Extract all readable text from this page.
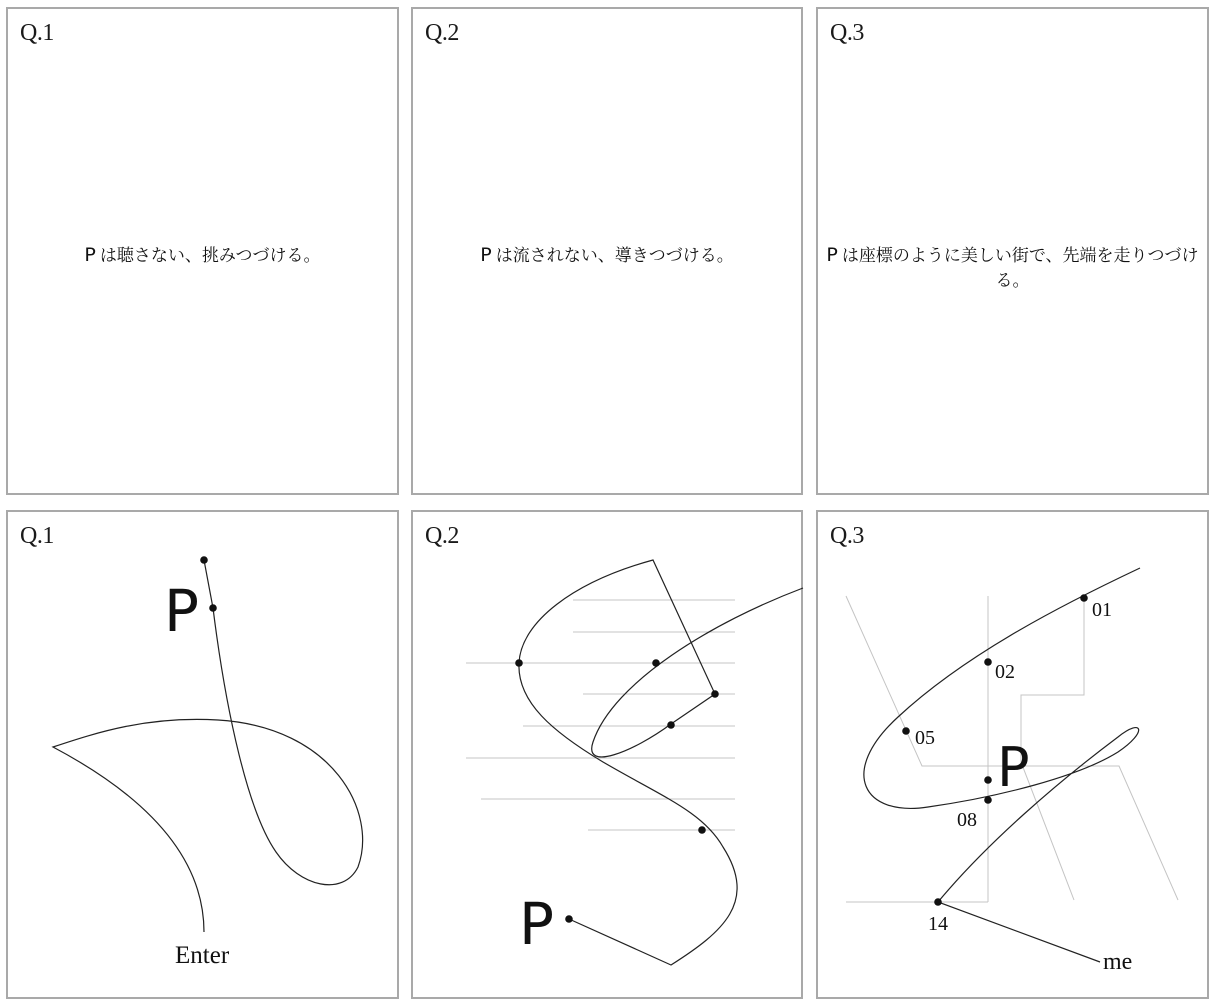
Q.1
P は聴さない、挑みつづける。
Q.2
P は流されない、導きつづける。
Q.3
P は座標のように美しい街で、先端を走りつづける。
Q.1
P
Enter
Q.2
P
Q.3
01
02
05
08
14
P
me
